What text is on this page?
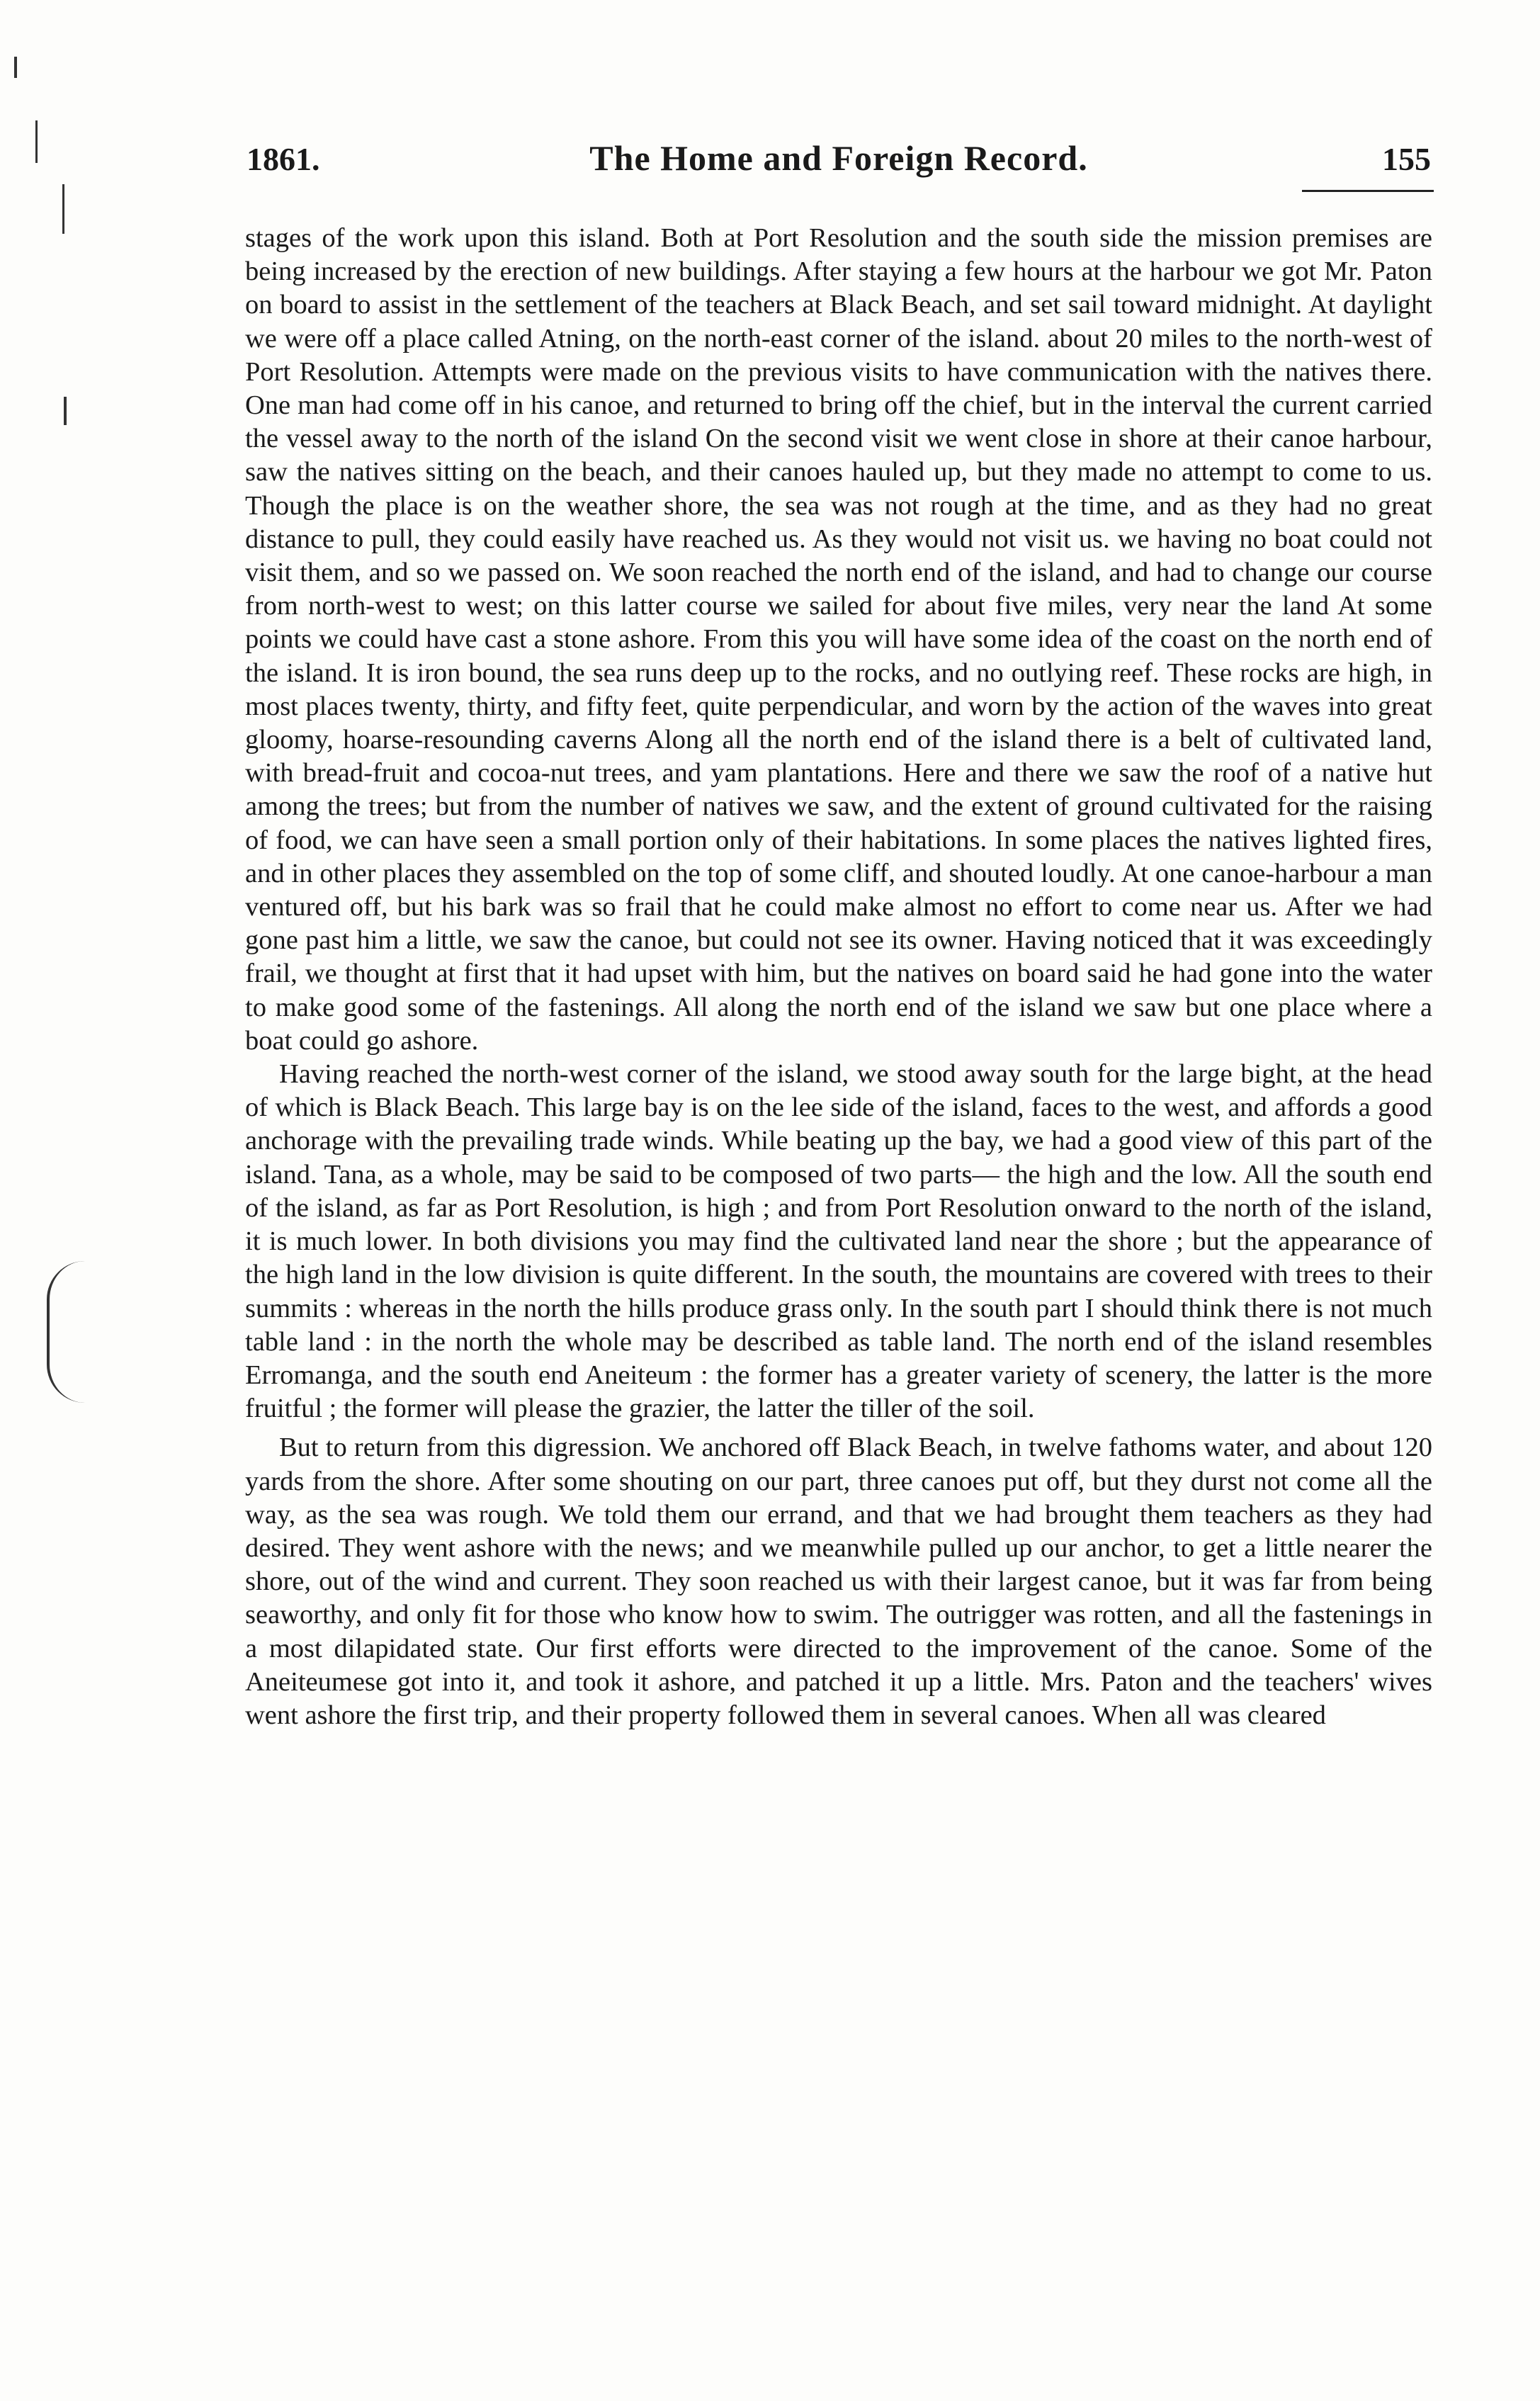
1861.	The Home and Foreign Record.	155

stages of the work upon this island. Both at Port Resolution and the south side the mission premises are being increased by the erection of new buildings. After staying a few hours at the harbour we got Mr. Paton on board to assist in the settlement of the teachers at Black Beach, and set sail toward midnight. At daylight we were off a place called Atning, on the north-east corner of the island. about 20 miles to the north-west of Port Resolution. Attempts were made on the previous visits to have communication with the natives there. One man had come off in his canoe, and returned to bring off the chief, but in the interval the current carried the vessel away to the north of the island On the second visit we went close in shore at their canoe harbour, saw the natives sitting on the beach, and their canoes hauled up, but they made no attempt to come to us. Though the place is on the weather shore, the sea was not rough at the time, and as they had no great distance to pull, they could easily have reached us. As they would not visit us. we having no boat could not visit them, and so we passed on. We soon reached the north end of the island, and had to change our course from north-west to west; on this latter course we sailed for about five miles, very near the land At some points we could have cast a stone ashore. From this you will have some idea of the coast on the north end of the island. It is iron bound, the sea runs deep up to the rocks, and no outlying reef. These rocks are high, in most places twenty, thirty, and fifty feet, quite perpendicular, and worn by the action of the waves into great gloomy, hoarse-resounding caverns Along all the north end of the island there is a belt of cultivated land, with bread-fruit and cocoa-nut trees, and yam plantations. Here and there we saw the roof of a native hut among the trees; but from the number of natives we saw, and the extent of ground cultivated for the raising of food, we can have seen a small portion only of their habitations. In some places the natives lighted fires, and in other places they assembled on the top of some cliff, and shouted loudly. At one canoe-harbour a man ventured off, but his bark was so frail that he could make almost no effort to come near us. After we had gone past him a little, we saw the canoe, but could not see its owner. Having noticed that it was exceedingly frail, we thought at first that it had upset with him, but the natives on board said he had gone into the water to make good some of the fastenings. All along the north end of the island we saw but one place where a boat could go ashore.

Having reached the north-west corner of the island, we stood away south for the large bight, at the head of which is Black Beach. This large bay is on the lee side of the island, faces to the west, and affords a good anchorage with the prevailing trade winds. While beating up the bay, we had a good view of this part of the island. Tana, as a whole, may be said to be composed of two parts— the high and the low. All the south end of the island, as far as Port Resolution, is high ; and from Port Resolution onward to the north of the island, it is much lower. In both divisions you may find the cultivated land near the shore ; but the appearance of the high land in the low division is quite different. In the south, the mountains are covered with trees to their summits : whereas in the north the hills produce grass only. In the south part I should think there is not much table land : in the north the whole may be described as table land. The north end of the island resembles Erromanga, and the south end Aneiteum : the former has a greater variety of scenery, the latter is the more fruitful ; the former will please the grazier, the latter the tiller of the soil.

But to return from this digression. We anchored off Black Beach, in twelve fathoms water, and about 120 yards from the shore. After some shouting on our part, three canoes put off, but they durst not come all the way, as the sea was rough. We told them our errand, and that we had brought them teachers as they had desired. They went ashore with the news; and we meanwhile pulled up our anchor, to get a little nearer the shore, out of the wind and current. They soon reached us with their largest canoe, but it was far from being seaworthy, and only fit for those who know how to swim. The outrigger was rotten, and all the fastenings in a most dilapidated state. Our first efforts were directed to the improvement of the canoe. Some of the Aneiteumese got into it, and took it ashore, and patched it up a little. Mrs. Paton and the teachers' wives went ashore the first trip, and their property followed them in several canoes. When all was cleared
